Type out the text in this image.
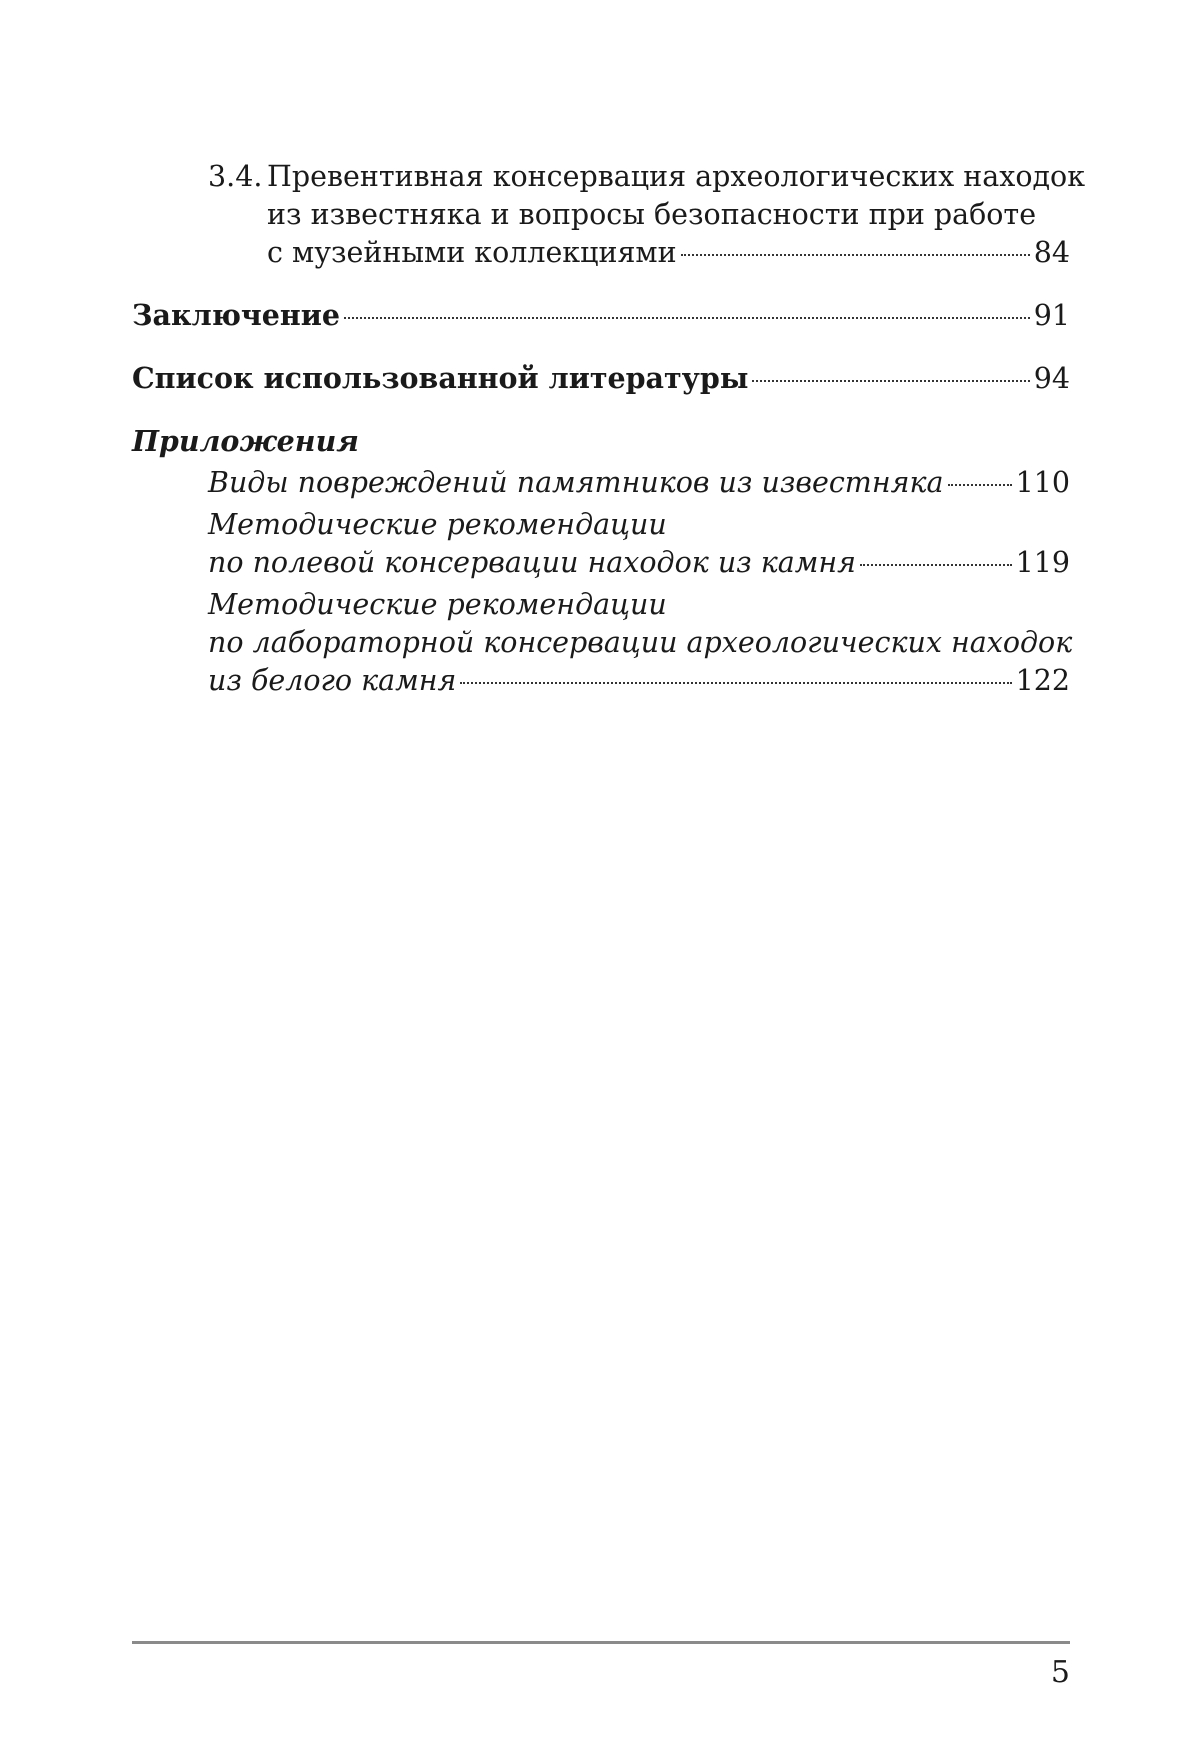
3.4. Превентивная консервация археологических находок
из известняка и вопросы безопасности при работе
с музейными коллекциями	84
Заключение	91
Список использованной литературы	94
Приложения
Виды повреждений памятников из известняка	110
Методические рекомендации
по полевой консервации находок из камня	119
Методические рекомендации
по лабораторной консервации археологических находок
из белого камня	122
5
